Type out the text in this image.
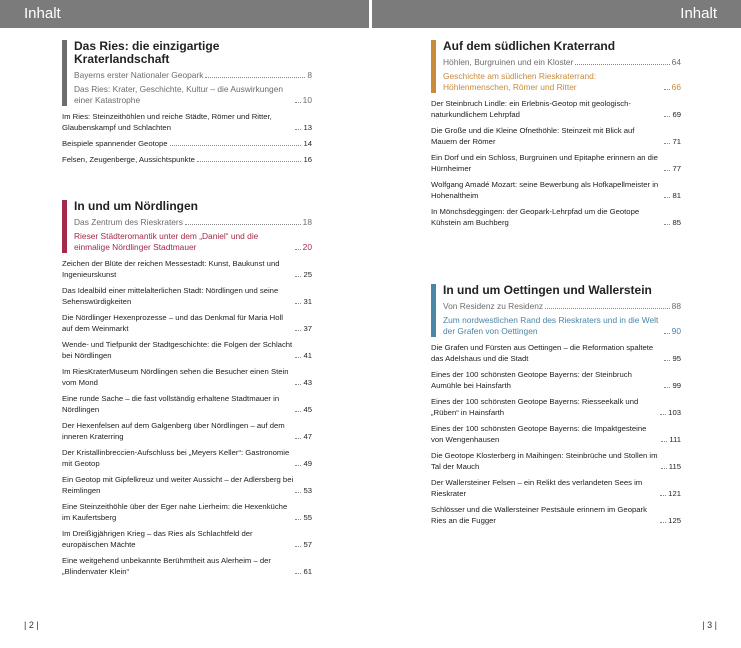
Inhalt	Inhalt
Das Ries: die einzigartige Kraterlandschaft
Bayerns erster Nationaler Geopark	8
Das Ries: Krater, Geschichte, Kultur – die Auswirkungen einer Katastrophe	10
Im Ries: Steinzeithöhlen und reiche Städte, Römer und Ritter, Glaubenskampf und Schlachten	13
Beispiele spannender Geotope	14
Felsen, Zeugenberge, Aussichtspunkte	16
In und um Nördlingen
Das Zentrum des Rieskraters	18
Rieser Städteromantik unter dem „Daniel“ und die einmalige Nördlinger Stadtmauer	20
Zeichen der Blüte der reichen Messestadt: Kunst, Baukunst und Ingenieurskunst	25
Das Idealbild einer mittelalterlichen Stadt: Nördlingen und seine Sehenswürdigkeiten	31
Die Nördlinger Hexenprozesse – und das Denkmal für Maria Holl auf dem Weinmarkt	37
Wende- und Tiefpunkt der Stadtgeschichte: die Folgen der Schlacht bei Nördlingen	41
Im RiesKraterMuseum Nördlingen sehen die Besucher einen Stein vom Mond	43
Eine runde Sache – die fast vollständig erhaltene Stadtmauer in Nördlingen	45
Der Hexenfelsen auf dem Galgenberg über Nördlingen – auf dem inneren Kraterring	47
Der Kristallinbreccien-Aufschluss bei „Meyers Keller“: Gastronomie mit Geotop	49
Ein Geotop mit Gipfelkreuz und weiter Aussicht – der Adlersberg bei Reimlingen	53
Eine Steinzeithöhle über der Eger nahe Lierheim: die Hexenküche im Kaufertsberg	55
Im Dreißigjährigen Krieg – das Ries als Schlachtfeld der europäischen Mächte	57
Eine weitgehend unbekannte Berühmtheit aus Alerheim – der „Blindenvater Klein“	61
Auf dem südlichen Kraterrand
Höhlen, Burgruinen und ein Kloster	64
Geschichte am südlichen Rieskraterrand: Höhlenmenschen, Römer und Ritter	66
Der Steinbruch Lindle: ein Erlebnis-Geotop mit geologisch-naturkundlichem Lehrpfad	69
Die Große und die Kleine Ofnethöhle: Steinzeit mit Blick auf Mauern der Römer	71
Ein Dorf und ein Schloss, Burgruinen und Epitaphe erinnern an die Hürnheimer	77
Wolfgang Amadé Mozart: seine Bewerbung als Hofkapellmeister in Hohenaltheim	81
In Mönchsdeggingen: der Geopark-Lehrpfad um die Geotope Kühstein am Buchberg	85
In und um Oettingen und Wallerstein
Von Residenz zu Residenz	88
Zum nordwestlichen Rand des Rieskraters und in die Welt der Grafen von Oettingen	90
Die Grafen und Fürsten aus Oettingen – die Reformation spaltete das Adelshaus und die Stadt	95
Eines der 100 schönsten Geotope Bayerns: der Steinbruch Aumühle bei Hainsfarth	99
Eines der 100 schönsten Geotope Bayerns: Riesseekalk und „Rüben“ in Hainsfarth	103
Eines der 100 schönsten Geotope Bayerns: die Impaktgesteine von Wengenhausen	111
Die Geotope Klosterberg in Maihingen: Steinbrüche und Stollen im Tal der Mauch	115
Der Wallersteiner Felsen – ein Relikt des verlandeten Sees im Rieskrater	121
Schlösser und die Wallersteiner Pestsäule erinnern im Geopark Ries an die Fugger	125
| 2 |	| 3 |
